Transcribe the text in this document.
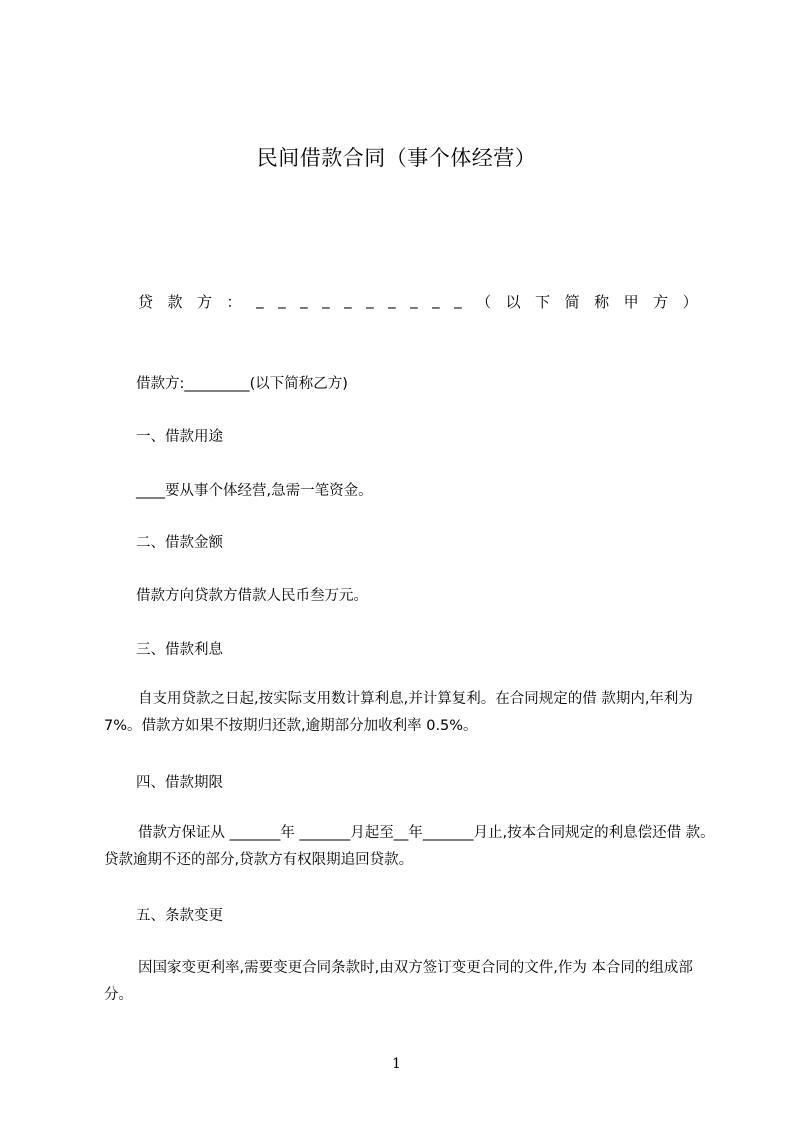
民间借款合同（事个体经营）
贷 款 方 ： _ _ _ _ _ _ _ _ _ _ （ 以 下 简 称 甲 方 ）
借款方:_________(以下简称乙方)
一、借款用途
____要从事个体经营,急需一笔资金。
二、借款金额
借款方向贷款方借款人民币叁万元。
三、借款利息
自支用贷款之日起,按实际支用数计算利息,并计算复利。在合同规定的借 款期内,年利为 7%。借款方如果不按期归还款,逾期部分加收利率 0.5%。
四、借款期限
借款方保证从 _______年 _______月起至__年_______月止,按本合同规定的利息偿还借 款。贷款逾期不还的部分,贷款方有权限期追回贷款。
五、条款变更
因国家变更利率,需要变更合同条款时,由双方签订变更合同的文件,作为 本合同的组成部分。
1
